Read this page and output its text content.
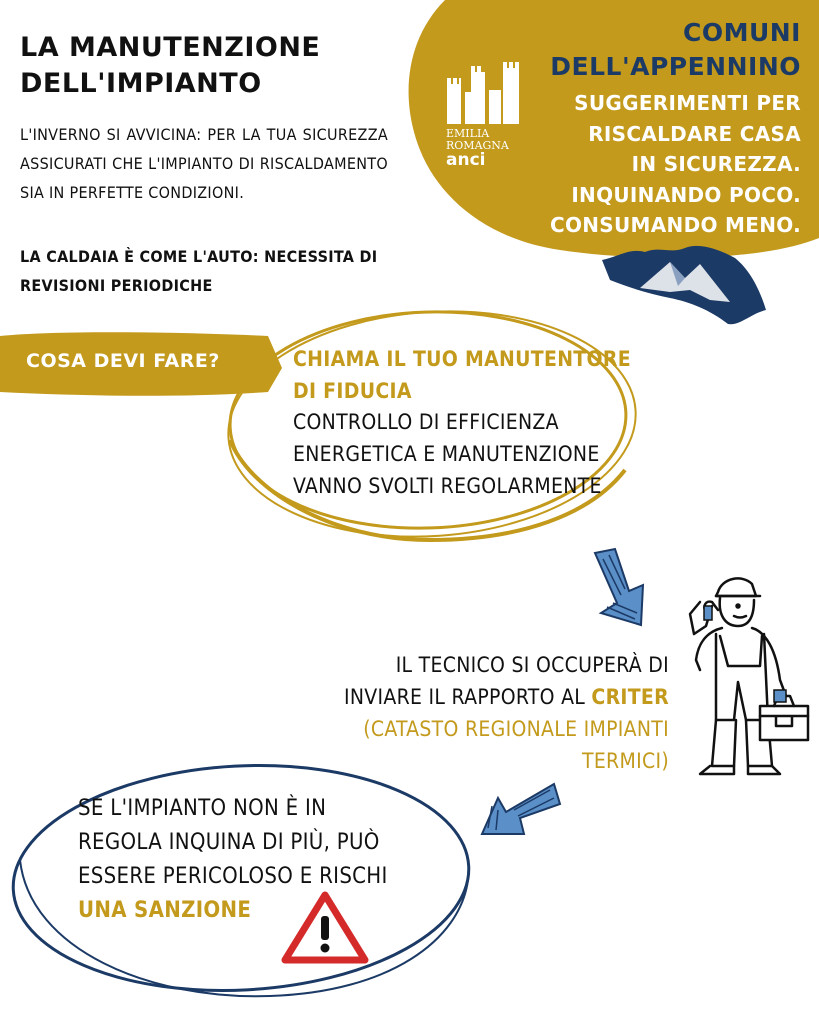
EMILIA
ROMAGNA
anci
LA MANUTENZIONE
DELL'IMPIANTO
L'INVERNO SI AVVICINA: PER LA TUA SICUREZZA ASSICURATI CHE L'IMPIANTO DI RISCALDAMENTO SIA IN PERFETTE CONDIZIONI.
LA CALDAIA È COME L'AUTO: NECESSITA DI
REVISIONI PERIODICHE
COMUNI
DELL'APPENNINO
SUGGERIMENTI PER
RISCALDARE CASA
IN SICUREZZA.
INQUINANDO POCO.
CONSUMANDO MENO.
COSA DEVI FARE?	CHIAMA IL TUO MANUTENTORE
DI FIDUCIA
CONTROLLO DI EFFICIENZA
ENERGETICA E MANUTENZIONE
VANNO SVOLTI REGOLARMENTE
IL TECNICO SI OCCUPERÀ DI
INVIARE IL RAPPORTO AL CRITER
(CATASTO REGIONALE IMPIANTI
TERMICI)
SE L'IMPIANTO NON È IN
REGOLA INQUINA DI PIÙ, PUÒ
ESSERE PERICOLOSO E RISCHI
UNA SANZIONE
